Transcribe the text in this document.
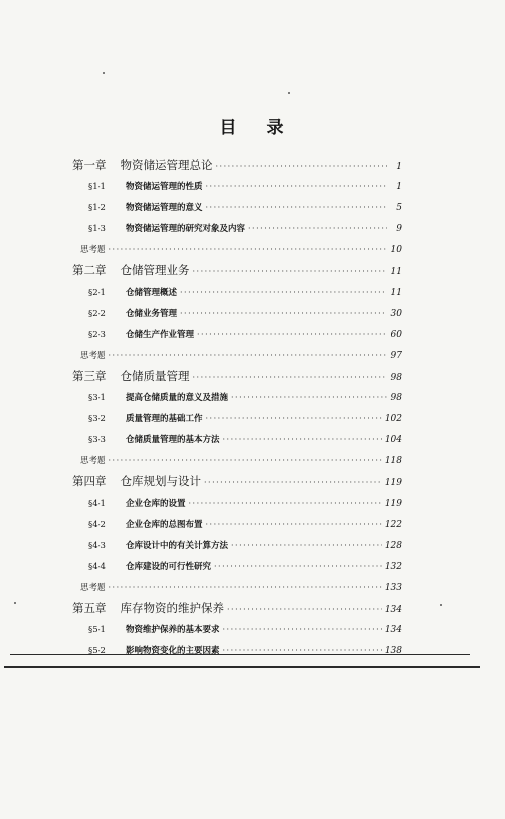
目 录
第一章 物资储运管理总论 ·····	1
§1-1	物资储运管理的性质 ·····	1
§1-2	物资储运管理的意义 ·····	5
§1-3	物资储运管理的研究对象及内容 ·····	9
思考题 ·····	10
第二章 仓储管理业务 ·····	11
§2-1	仓储管理概述 ·····	11
§2-2	仓储业务管理 ·····	30
§2-3	仓储生产作业管理 ·····	60
思考题 ·····	97
第三章 仓储质量管理 ·····	98
§3-1	提高仓储质量的意义及措施 ·····	98
§3-2	质量管理的基础工作 ·····	102
§3-3	仓储质量管理的基本方法 ·····	104
思考题 ·····	118
第四章 仓库规划与设计 ·····	119
§4-1	企业仓库的设置 ·····	119
§4-2	企业仓库的总图布置 ·····	122
§4-3	仓库设计中的有关计算方法 ·····	128
§4-4	仓库建设的可行性研究 ·····	132
思考题 ·····	133
第五章 库存物资的维护保养 ·····	134
§5-1	物资维护保养的基本要求 ·····	134
§5-2	影响物资变化的主要因素 ·····	138
